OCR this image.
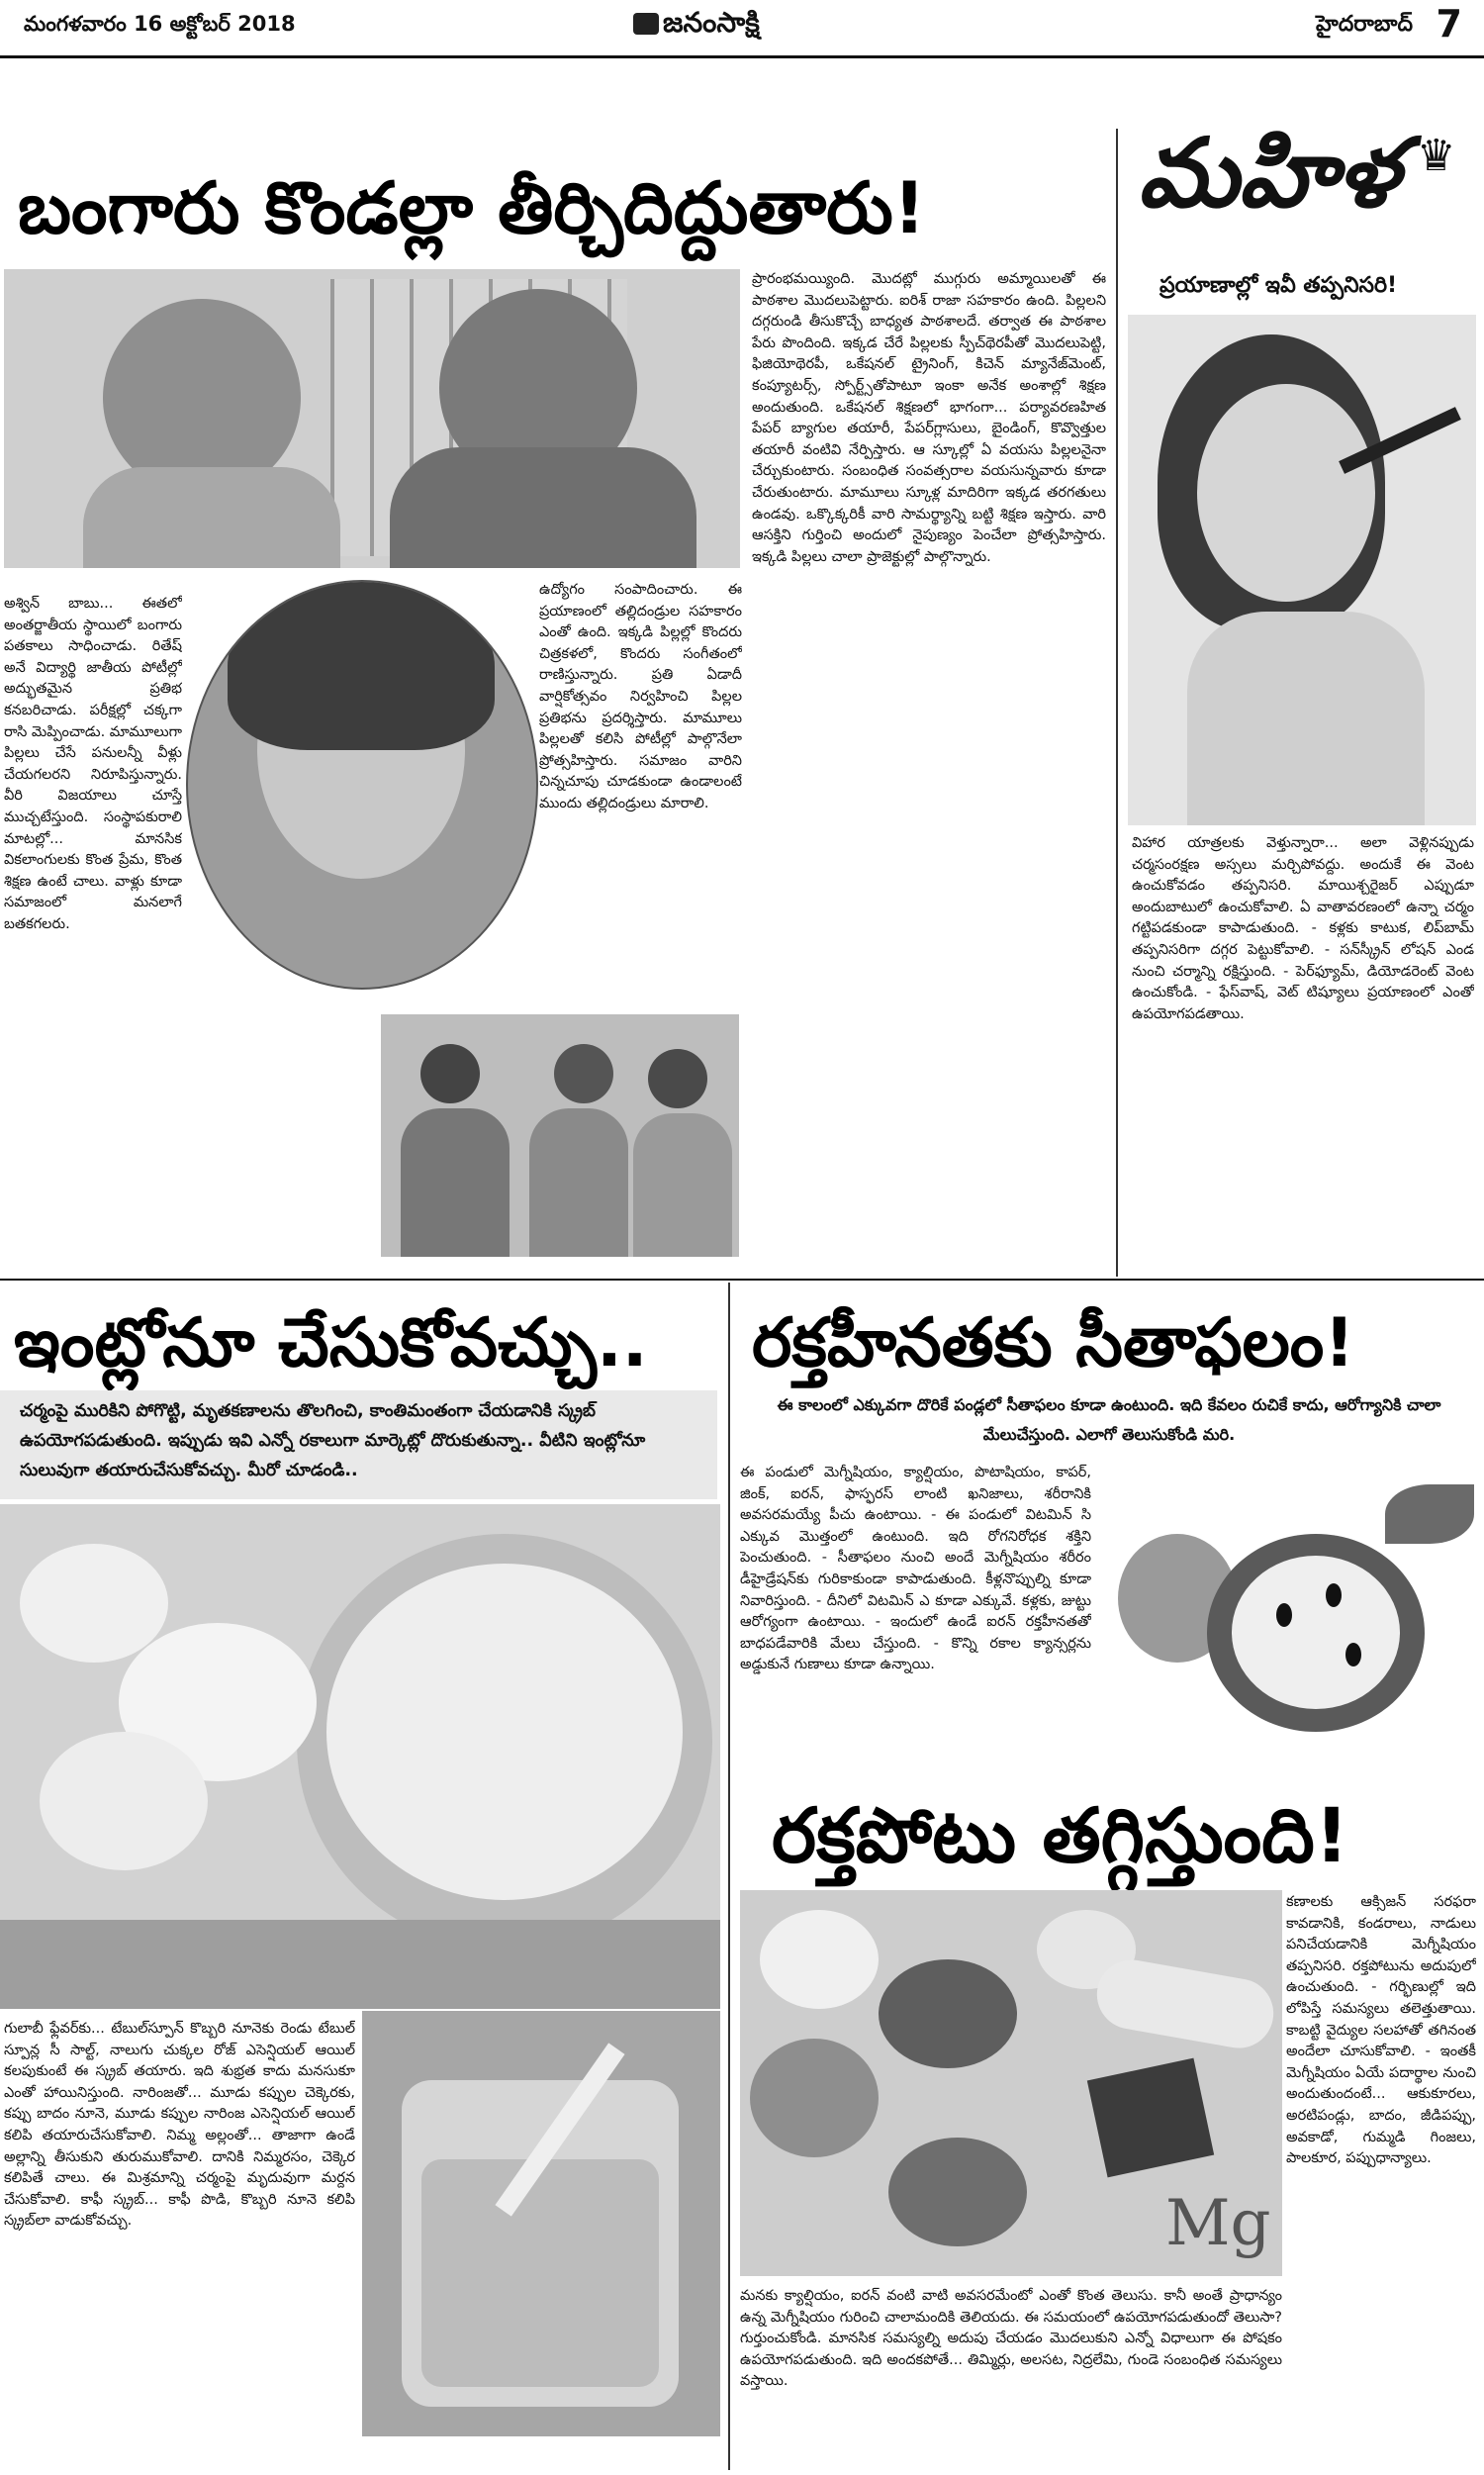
మంగళవారం 16 అక్టోబర్ 2018	జనంసాక్షి	హైదరాబాద్ 7
బంగారు కొండల్లా తీర్చిదిద్దుతారు!
ప్రారంభమయ్యింది. మొదట్లో ముగ్గురు అమ్మాయిలతో ఈ పాఠశాల మొదలుపెట్టారు. ఐరిశ్ రాజా సహకారం ఉంది. పిల్లలని దగ్గరుండి తీసుకొచ్చే బాధ్యత పాఠశాలదే. తర్వాత ఈ పాఠశాల పేరు పొందింది. ఇక్కడ చేరే పిల్లలకు స్పీచ్‌థెరపీతో మొదలుపెట్టి, ఫిజియోథెరపీ, ఒకేషనల్ ట్రైనింగ్, కిచెన్ మ్యానేజ్‌మెంట్, కంప్యూటర్స్, స్పోర్ట్స్‌తోపాటూ ఇంకా అనేక అంశాల్లో శిక్షణ అందుతుంది. ఒకేషనల్ శిక్షణలో భాగంగా... పర్యావరణహిత పేపర్ బ్యాగుల తయారీ, పేపర్‌గ్లాసులు, బైండింగ్, కొవ్వొత్తుల తయారీ వంటివి నేర్పిస్తారు. ఆ స్కూల్లో ఏ వయసు పిల్లలనైనా చేర్చుకుంటారు. సంబంధిత సంవత్సరాల వయసున్నవారు కూడా చేరుతుంటారు. మామూలు స్కూళ్ల మాదిరిగా ఇక్కడ తరగతులు ఉండవు. ఒక్కొక్కరికీ వారి సామర్థ్యాన్ని బట్టి శిక్షణ ఇస్తారు. వారి ఆసక్తిని గుర్తించి అందులో నైపుణ్యం పెంచేలా ప్రోత్సహిస్తారు. ఇక్కడి పిల్లలు చాలా ప్రాజెక్టుల్లో పాల్గొన్నారు.
అశ్విన్ బాబు... ఈతలో అంతర్జాతీయ స్థాయిలో బంగారు పతకాలు సాధించాడు. రితేష్ అనే విద్యార్థి జాతీయ పోటీల్లో అద్భుతమైన ప్రతిభ కనబరిచాడు. పరీక్షల్లో చక్కగా రాసి మెప్పించాడు. మామూలుగా పిల్లలు చేసే పనులన్నీ వీళ్లు చేయగలరని నిరూపిస్తున్నారు. వీరి విజయాలు చూస్తే ముచ్చటేస్తుంది. సంస్థాపకురాలి మాటల్లో... మానసిక వికలాంగులకు కొంత ప్రేమ, కొంత శిక్షణ ఉంటే చాలు. వాళ్లు కూడా సమాజంలో మనలాగే బతకగలరు.
ఉద్యోగం సంపాదించారు. ఈ ప్రయాణంలో తల్లిదండ్రుల సహకారం ఎంతో ఉంది. ఇక్కడి పిల్లల్లో కొందరు చిత్రకళలో, కొందరు సంగీతంలో రాణిస్తున్నారు. ప్రతి ఏడాదీ వార్షికోత్సవం నిర్వహించి పిల్లల ప్రతిభను ప్రదర్శిస్తారు. మామూలు పిల్లలతో కలిసి పోటీల్లో పాల్గొనేలా ప్రోత్సహిస్తారు. సమాజం వారిని చిన్నచూపు చూడకుండా ఉండాలంటే ముందు తల్లిదండ్రులు మారాలి.
మహిళ ♛
ప్రయాణాల్లో ఇవీ తప్పనిసరి!
విహార యాత్రలకు వెళ్తున్నారా... అలా వెళ్లినప్పుడు చర్మసంరక్షణ అస్సలు మర్చిపోవద్దు. అందుకే ఈ వెంట ఉంచుకోవడం తప్పనిసరి. మాయిశ్చరైజర్ ఎప్పుడూ అందుబాటులో ఉంచుకోవాలి. ఏ వాతావరణంలో ఉన్నా చర్మం గట్టిపడకుండా కాపాడుతుంది. - కళ్లకు కాటుక, లిప్‌బామ్ తప్పనిసరిగా దగ్గర పెట్టుకోవాలి. - సన్‌స్క్రీన్ లోషన్ ఎండ నుంచి చర్మాన్ని రక్షిస్తుంది. - పెర్‌ఫ్యూమ్, డియోడరెంట్ వెంట ఉంచుకోండి. - ఫేస్‌వాష్, వెట్ టిష్యూలు ప్రయాణంలో ఎంతో ఉపయోగపడతాయి.
ఇంట్లోనూ చేసుకోవచ్చు..
చర్మంపై మురికిని పోగొట్టి, మృతకణాలను తొలగించి, కాంతిమంతంగా చేయడానికి స్క్రబ్ ఉపయోగపడుతుంది. ఇప్పుడు ఇవి ఎన్నో రకాలుగా మార్కెట్లో దొరుకుతున్నా.. వీటిని ఇంట్లోనూ సులువుగా తయారుచేసుకోవచ్చు. మీరో చూడండి..
గులాబీ ఫ్లేవర్‌కు... టేబుల్‌స్పూన్ కొబ్బరి నూనెకు రెండు టేబుల్ స్పూన్ల సీ సాల్ట్, నాలుగు చుక్కల రోజ్ ఎసెన్షియల్ ఆయిల్ కలపుకుంటే ఈ స్క్రబ్ తయారు. ఇది శుభ్రత కాదు మనసుకూ ఎంతో హాయినిస్తుంది. నారింజతో... మూడు కప్పుల చెక్కెరకు, కప్పు బాదం నూనె, మూడు కప్పుల నారింజ ఎసెన్షియల్ ఆయిల్ కలిపి తయారుచేసుకోవాలి. నిమ్మ అల్లంతో... తాజాగా ఉండే అల్లాన్ని తీసుకుని తురుముకోవాలి. దానికి నిమ్మరసం, చెక్కెర కలిపితే చాలు. ఈ మిశ్రమాన్ని చర్మంపై మృదువుగా మర్దన చేసుకోవాలి. కాఫీ స్క్రబ్... కాఫీ పొడి, కొబ్బరి నూనె కలిపి స్క్రబ్‌లా వాడుకోవచ్చు.
రక్తహీనతకు సీతాఫలం!
ఈ కాలంలో ఎక్కువగా దొరికే పండ్లలో సీతాఫలం కూడా ఉంటుంది. ఇది కేవలం రుచికే కాదు, ఆరోగ్యానికి చాలా మేలుచేస్తుంది. ఎలాగో తెలుసుకోండి మరి.
ఈ పండులో మెగ్నీషియం, క్యాల్షియం, పొటాషియం, కాపర్, జింక్, ఐరన్, ఫాస్ఫరస్ లాంటి ఖనిజాలు, శరీరానికి అవసరమయ్యే పీచు ఉంటాయి. - ఈ పండులో విటమిన్ సి ఎక్కువ మొత్తంలో ఉంటుంది. ఇది రోగనిరోధక శక్తిని పెంచుతుంది. - సీతాఫలం నుంచి అందే మెగ్నీషియం శరీరం డీహైడ్రేషన్‌కు గురికాకుండా కాపాడుతుంది. కీళ్లనొప్పుల్ని కూడా నివారిస్తుంది. - దీనిలో విటమిన్ ఎ కూడా ఎక్కువే. కళ్లకు, జుట్టు ఆరోగ్యంగా ఉంటాయి. - ఇందులో ఉండే ఐరన్ రక్తహీనతతో బాధపడేవారికి మేలు చేస్తుంది. - కొన్ని రకాల క్యాన్సర్లను అడ్డుకునే గుణాలు కూడా ఉన్నాయి.
రక్తపోటు తగ్గిస్తుంది!
Mg
కణాలకు ఆక్సిజన్ సరఫరా కావడానికి, కండరాలు, నాడులు పనిచేయడానికి మెగ్నీషియం తప్పనిసరి. రక్తపోటును అదుపులో ఉంచుతుంది. - గర్భిణుల్లో ఇది లోపిస్తే సమస్యలు తలెత్తుతాయి. కాబట్టి వైద్యుల సలహాతో తగినంత అందేలా చూసుకోవాలి. - ఇంతకీ మెగ్నీషియం ఏయే పదార్థాల నుంచి అందుతుందంటే... ఆకుకూరలు, అరటిపండ్లు, బాదం, జీడిపప్పు, అవకాడో, గుమ్మడి గింజలు, పాలకూర, పప్పుధాన్యాలు.
మనకు క్యాల్షియం, ఐరన్ వంటి వాటి అవసరమేంటో ఎంతో కొంత తెలుసు. కానీ అంతే ప్రాధాన్యం ఉన్న మెగ్నీషియం గురించి చాలామందికి తెలియదు. ఈ సమయంలో ఉపయోగపడుతుందో తెలుసా? గుర్తుంచుకోండి. మానసిక సమస్యల్ని అదుపు చేయడం మొదలుకుని ఎన్నో విధాలుగా ఈ పోషకం ఉపయోగపడుతుంది. ఇది అందకపోతే... తిమ్మిర్లు, అలసట, నిద్రలేమి, గుండె సంబంధిత సమస్యలు వస్తాయి.
